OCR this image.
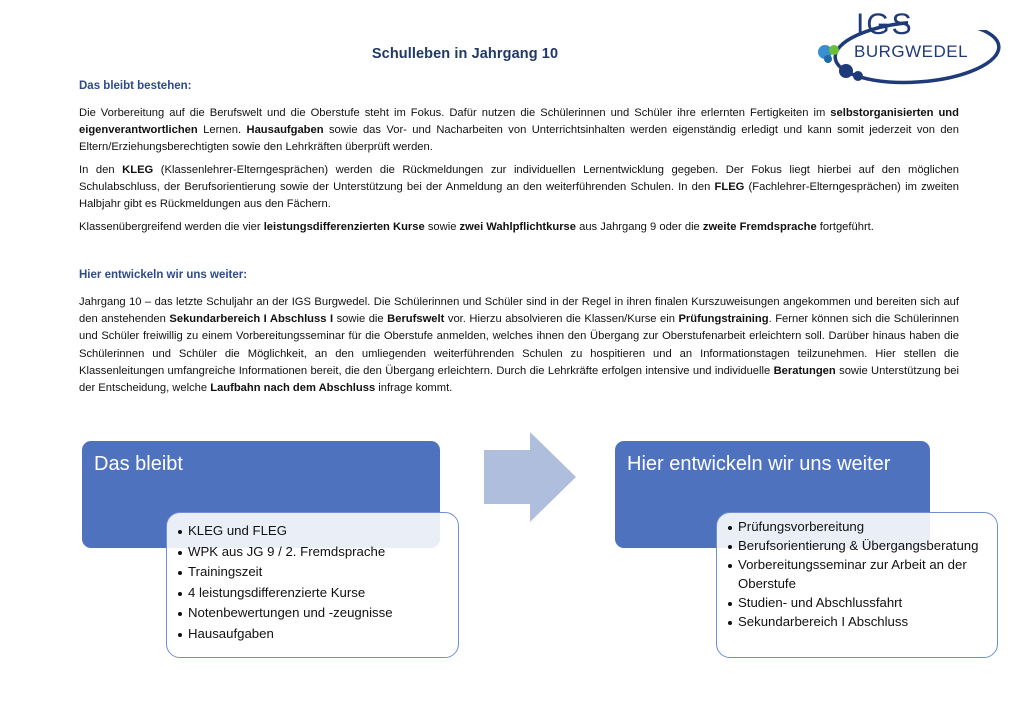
Schulleben in Jahrgang 10
IGS
BURGWEDEL
Das bleibt bestehen:
Die Vorbereitung auf die Berufswelt und die Oberstufe steht im Fokus. Dafür nutzen die Schülerinnen und Schüler ihre erlernten Fertigkeiten im selbstorganisierten und eigenverantwortlichen Lernen. Hausaufgaben sowie das Vor- und Nacharbeiten von Unterrichtsinhalten werden eigenständig erledigt und kann somit jederzeit von den Eltern/Erziehungsberechtigten sowie den Lehrkräften überprüft werden.
In den KLEG (Klassenlehrer-Elterngesprächen) werden die Rückmeldungen zur individuellen Lernentwicklung gegeben. Der Fokus liegt hierbei auf den möglichen Schulabschluss, der Berufsorientierung sowie der Unterstützung bei der Anmeldung an den weiterführenden Schulen. In den FLEG (Fachlehrer-Elterngesprächen) im zweiten Halbjahr gibt es Rückmeldungen aus den Fächern.
Klassenübergreifend werden die vier leistungsdifferenzierten Kurse sowie zwei Wahlpflichtkurse aus Jahrgang 9 oder die zweite Fremdsprache fortgeführt.
Hier entwickeln wir uns weiter:
Jahrgang 10 – das letzte Schuljahr an der IGS Burgwedel. Die Schülerinnen und Schüler sind in der Regel in ihren finalen Kurszuweisungen angekommen und bereiten sich auf den anstehenden Sekundarbereich I Abschluss I sowie die Berufswelt vor. Hierzu absolvieren die Klassen/Kurse ein Prüfungstraining. Ferner können sich die Schülerinnen und Schüler freiwillig zu einem Vorbereitungsseminar für die Oberstufe anmelden, welches ihnen den Übergang zur Oberstufenarbeit erleichtern soll. Darüber hinaus haben die Schülerinnen und Schüler die Möglichkeit, an den umliegenden weiterführenden Schulen zu hospitieren und an Informationstagen teilzunehmen. Hier stellen die Klassenleitungen umfangreiche Informationen bereit, die den Übergang erleichtern. Durch die Lehrkräfte erfolgen intensive und individuelle Beratungen sowie Unterstützung bei der Entscheidung, welche Laufbahn nach dem Abschluss infrage kommt.
Das bleibt
KLEG und FLEG
WPK aus JG 9 / 2. Fremdsprache
Trainingszeit
4 leistungsdifferenzierte Kurse
Notenbewertungen und -zeugnisse
Hausaufgaben
Hier entwickeln wir uns weiter
Prüfungsvorbereitung
Berufsorientierung & Übergangsberatung
Vorbereitungsseminar zur Arbeit an der Oberstufe
Studien- und Abschlussfahrt
Sekundarbereich I Abschluss
